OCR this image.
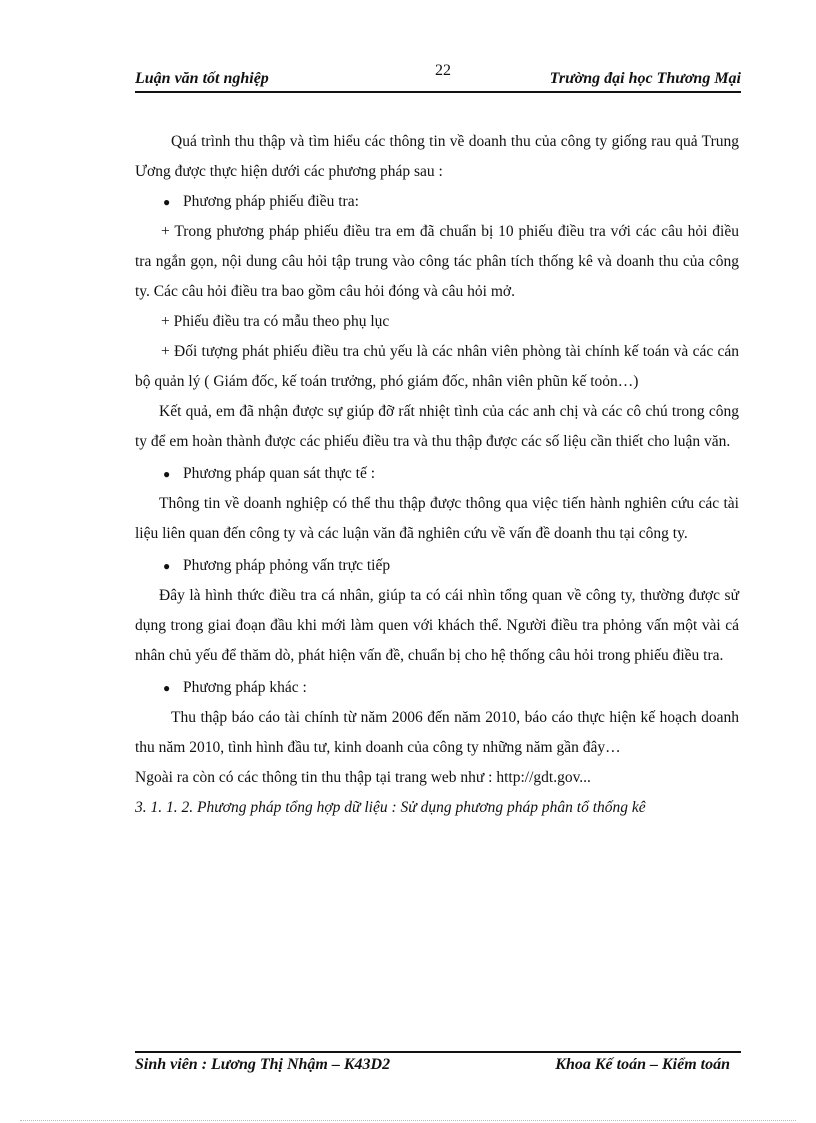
Luận văn tốt nghiệp	22	Trường đại học Thương Mại

Quá trình thu thập và tìm hiểu các thông tin về doanh thu của công ty giống rau quả Trung Ương được thực hiện dưới các phương pháp sau :

● Phương pháp phiếu điều tra:

+ Trong phương pháp phiếu điều tra em đã chuẩn bị 10 phiếu điều tra với các câu hỏi điều tra ngắn gọn, nội dung câu hỏi tập trung vào công tác phân tích thống kê và doanh thu của công ty. Các câu hỏi điều tra bao gồm câu hỏi đóng và câu hỏi mở.

+ Phiếu điều tra có mẫu theo phụ lục

+ Đối tượng phát phiếu điều tra chủ yếu là các nhân viên phòng tài chính kế toán và các cán bộ quản lý ( Giám đốc, kế toán trưởng, phó giám đốc, nhân viên phũn kế toỏn…)

Kết quả, em đã nhận được sự giúp đỡ rất nhiệt tình của các anh chị và các cô chú trong công ty để em hoàn thành được các phiếu điều tra và thu thập được các số liệu cần thiết cho luận văn.

● Phương pháp quan sát thực tế :

Thông tin về doanh nghiệp có thể thu thập được thông qua việc tiến hành nghiên cứu các tài liệu liên quan đến công ty và các luận văn đã nghiên cứu về vấn đề doanh thu tại công ty.

● Phương pháp phỏng vấn trực tiếp

Đây là hình thức điều tra cá nhân, giúp ta có cái nhìn tổng quan về công ty, thường được sử dụng trong giai đoạn đầu khi mới làm quen với khách thể. Người điều tra phỏng vấn một vài cá nhân chủ yếu để thăm dò, phát hiện vấn đề, chuẩn bị cho hệ thống câu hỏi trong phiếu điều tra.

● Phương pháp khác :

Thu thập báo cáo tài chính từ năm 2006 đến năm 2010, báo cáo thực hiện kế hoạch doanh thu năm 2010, tình hình đầu tư, kinh doanh của công ty những năm gần đây…

Ngoài ra còn có các thông tin thu thập tại trang web như : http://gdt.gov...

3. 1. 1. 2. Phương pháp tổng hợp dữ liệu : Sử dụng phương pháp phân tổ thống kê

Sinh viên : Lương Thị Nhậm – K43D2	Khoa Kế toán – Kiểm toán
